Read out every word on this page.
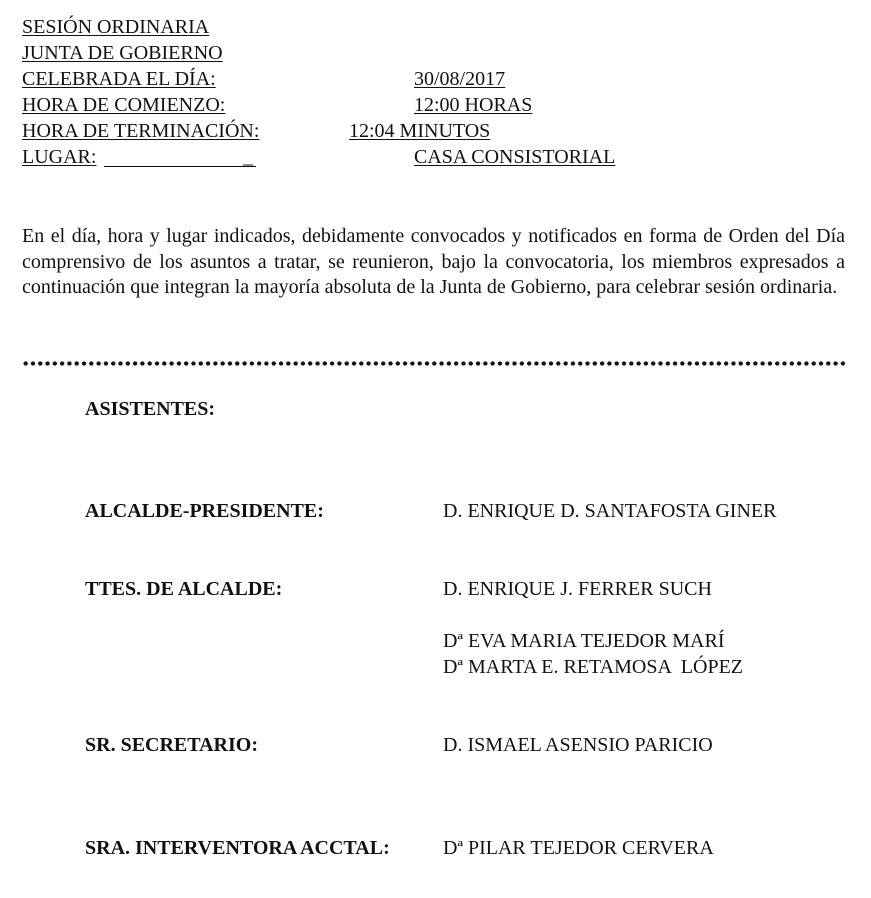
SESIÓN ORDINARIA
JUNTA DE GOBIERNO
CELEBRADA EL DÍA:	30/08/2017
HORA DE COMIENZO:	12:00 HORAS
HORA DE TERMINACIÓN:	12:04 MINUTOS
LUGAR:	_	CASA CONSISTORIAL
En el día, hora y lugar indicados, debidamente convocados y notificados en forma de Orden del Día comprensivo de los asuntos a tratar, se reunieron, bajo la convocatoria, los miembros expresados a continuación que integran la mayoría absoluta de la Junta de Gobierno, para celebrar sesión ordinaria.
ASISTENTES:
ALCALDE-PRESIDENTE:	D. ENRIQUE D. SANTAFOSTA GINER
TTES. DE ALCALDE:	D. ENRIQUE J. FERRER SUCH
Dª EVA MARIA TEJEDOR MARÍ
Dª MARTA E. RETAMOSA  LÓPEZ
SR. SECRETARIO:	D. ISMAEL ASENSIO PARICIO
SRA. INTERVENTORA ACCTAL:	Dª PILAR TEJEDOR CERVERA
